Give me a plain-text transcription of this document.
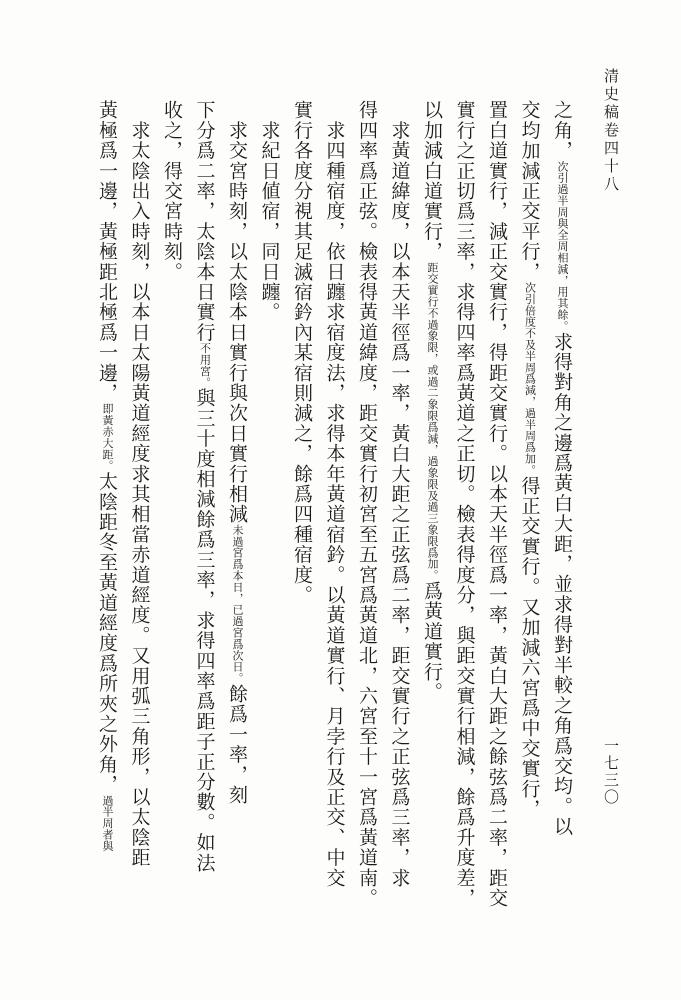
清史稿卷四十八
一七三〇
之角，次引過半周與全周相減，用其餘。求得對角之邊爲黃白大距，並求得對半較之角爲交均。以
交均加減正交平行，次引倍度不及半周爲減，過半周爲加。得正交實行。又加減六宮爲中交實行，
置白道實行，減正交實行，得距交實行。以本天半徑爲一率，黃白大距之餘弦爲二率，距交
實行之正切爲三率，求得四率爲黃道之正切。檢表得度分，與距交實行相減，餘爲升度差，
以加減白道實行，距交實行不過象限，或過二象限爲減，過象限及過三象限爲加。爲黃道實行。
　求黃道緯度，以本天半徑爲一率，黃白大距之正弦爲二率，距交實行之正弦爲三率，求
得四率爲正弦。檢表得黃道緯度，距交實行初宮至五宮爲黃道北，六宮至十一宮爲黃道南。
　求四種宿度，依日躔求宿度法，求得本年黃道宿鈐。以黃道實行、月孛行及正交、中交
實行各度分視其足滅宿鈐內某宿則減之，餘爲四種宿度。
　求紀日値宿，同日躔。
　求交宮時刻，以太陰本日實行與次日實行相減未過宮爲本日，已過宮爲次日。餘爲一率，刻
下分爲二率，太陰本日實行不用宮。與三十度相減餘爲三率，求得四率爲距子正分數。如法
收之，得交宮時刻。
　求太陰出入時刻，以本日太陽黃道經度求其相當赤道經度。又用弧三角形，以太陰距
黃極爲一邊，黃極距北極爲一邊，即黃赤大距。太陰距冬至黃道經度爲所夾之外角，過半周者與
